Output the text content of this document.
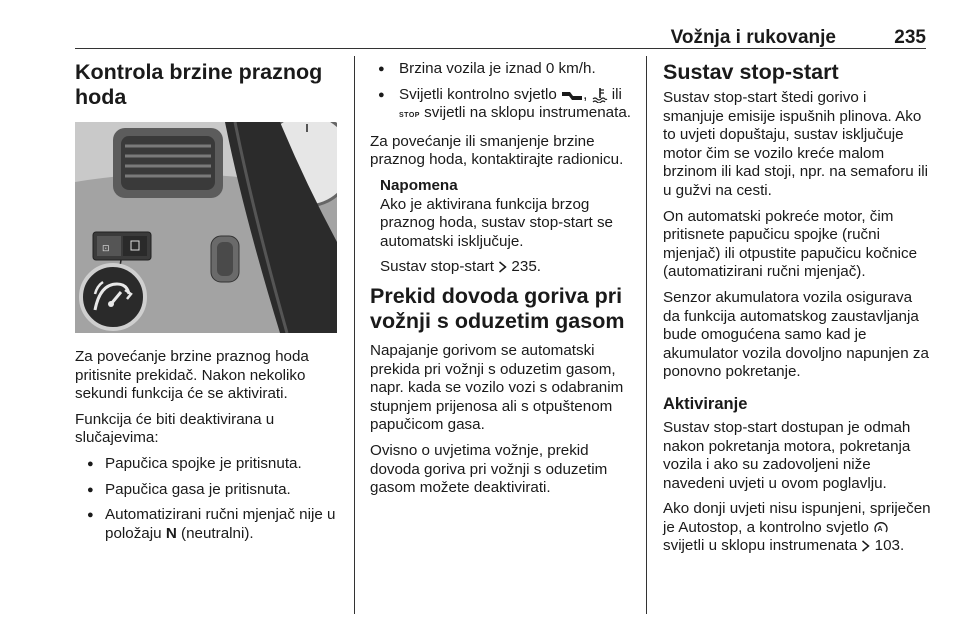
Vožnja i rukovanje	235
Kontrola brzine praznog hoda
⊡

Za povećanje brzine praznog hoda pritisnite prekidač. Nakon nekoliko sekundi funkcija će se aktivirati.

Funkcija će biti deaktivirana u slučajevima:

● Papučica spojke je pritisnuta.
● Papučica gasa je pritisnuta.
● Automatizirani ručni mjenjač nije u položaju N (neutralni).
● Brzina vozila je iznad 0 km/h.
● Svijetli kontrolno svjetlo , ili
STOP svijetli na sklopu instrumenata.

Za povećanje ili smanjenje brzine praznog hoda, kontaktirajte radionicu.

Napomena

Ako je aktivirana funkcija brzog praznog hoda, sustav stop-start se automatski isključuje.

Sustav stop-start 235.

Prekid dovoda goriva pri vožnji s oduzetim gasom

Napajanje gorivom se automatski prekida pri vožnji s oduzetim gasom, napr. kada se vozilo vozi s odabranim stupnjem prijenosa ali s otpuštenom papučicom gasa.

Ovisno o uvjetima vožnje, prekid dovoda goriva pri vožnji s oduzetim gasom možete deaktivirati.

Sustav stop-start

Sustav stop-start štedi gorivo i smanjuje emisije ispušnih plinova. Ako to uvjeti dopuštaju, sustav isključuje motor čim se vozilo kreće malom brzinom ili kad stoji, npr. na semaforu ili u gužvi na cesti.

On automatski pokreće motor, čim pritisnete papučicu spojke (ručni mjenjač) ili otpustite papučicu kočnice (automatizirani ručni mjenjač).

Senzor akumulatora vozila osigurava da funkcija automatskog zaustavljanja bude omogućena samo kad je akumulator vozila dovoljno napunjen za ponovno pokretanje.

Aktiviranje

Sustav stop-start dostupan je odmah nakon pokretanja motora, pokretanja vozila i ako su zadovoljeni niže navedeni uvjeti u ovom poglavlju.

Ako donji uvjeti nisu ispunjeni, spriječen je Autostop, a kontrolno svjetlo A
svijetli u sklopu instrumenata 103.
